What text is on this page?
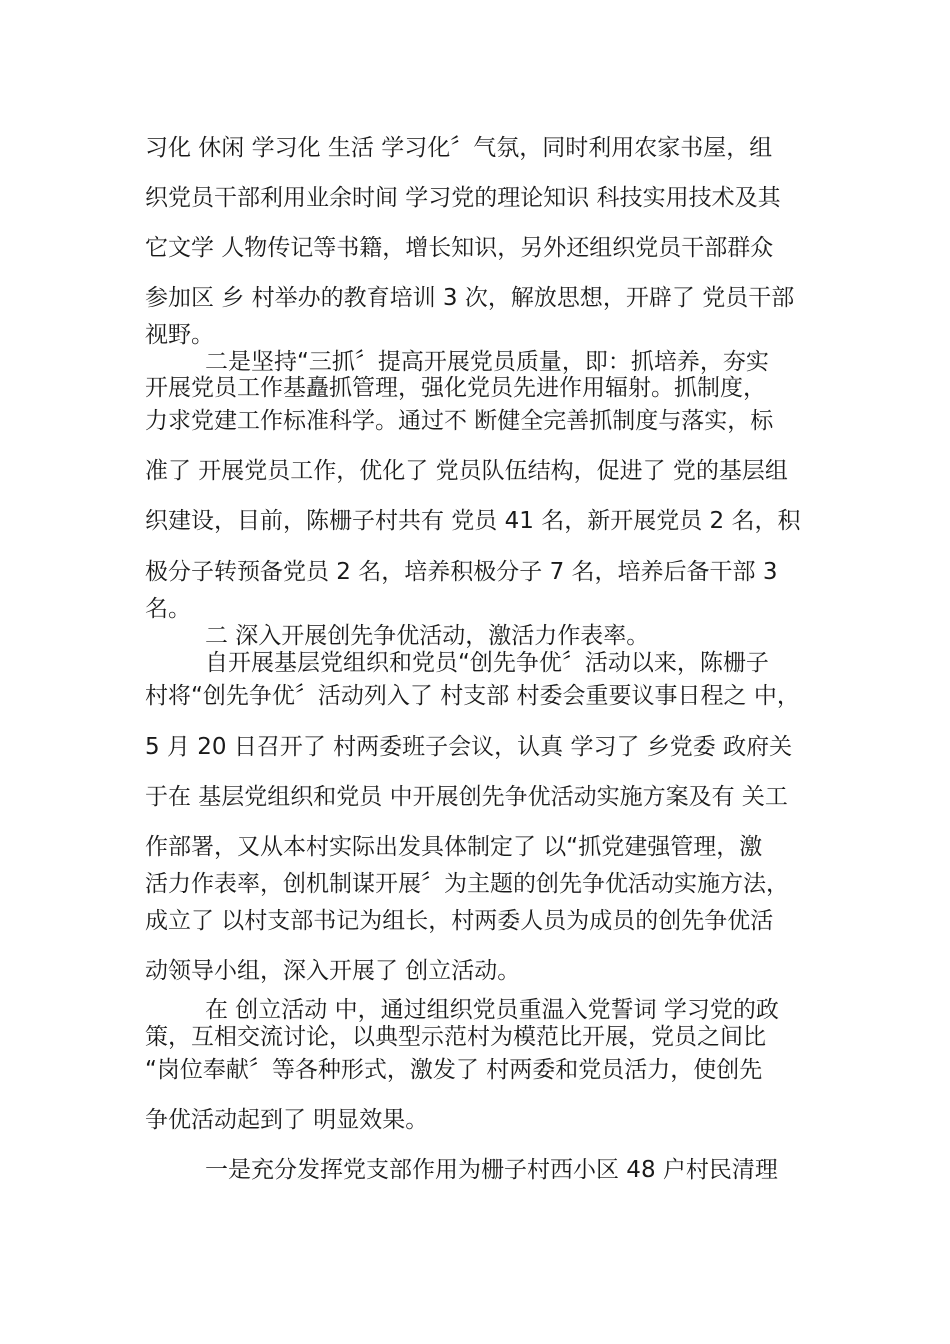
习化 休闲 学习化 生活 学习化〞气氛，同时利用农家书屋，组

织党员干部利用业余时间 学习党的理论知识 科技实用技术及其

它文学 人物传记等书籍，增长知识，另外还组织党员干部群众

参加区 乡 村举办的教育培训 3 次，解放思想，开辟了 党员干部

视野。

二是坚持“三抓〞提高开展党员质量，即：抓培养，夯实

开展党员工作基矗抓管理，强化党员先进作用辐射。抓制度，

力求党建工作标准科学。通过不 断健全完善抓制度与落实，标

准了 开展党员工作，优化了 党员队伍结构，促进了 党的基层组

织建设，目前，陈栅子村共有 党员 41 名，新开展党员 2 名，积

极分子转预备党员 2 名，培养积极分子 7 名，培养后备干部 3

名。

二 深入开展创先争优活动，激活力作表率。

自开展基层党组织和党员“创先争优〞活动以来，陈栅子

村将“创先争优〞活动列入了 村支部 村委会重要议事日程之 中，

5 月 20 日召开了 村两委班子会议，认真 学习了 乡党委 政府关

于在 基层党组织和党员 中开展创先争优活动实施方案及有 关工

作部署，又从本村实际出发具体制定了 以“抓党建强管理，激

活力作表率，创机制谋开展〞为主题的创先争优活动实施方法，

成立了 以村支部书记为组长，村两委人员为成员的创先争优活

动领导小组，深入开展了 创立活动。

在 创立活动 中，通过组织党员重温入党誓词 学习党的政

策，互相交流讨论，以典型示范村为模范比开展，党员之间比

“岗位奉献〞等各种形式，激发了 村两委和党员活力，使创先

争优活动起到了 明显效果。

一是充分发挥党支部作用为栅子村西小区 48 户村民清理
